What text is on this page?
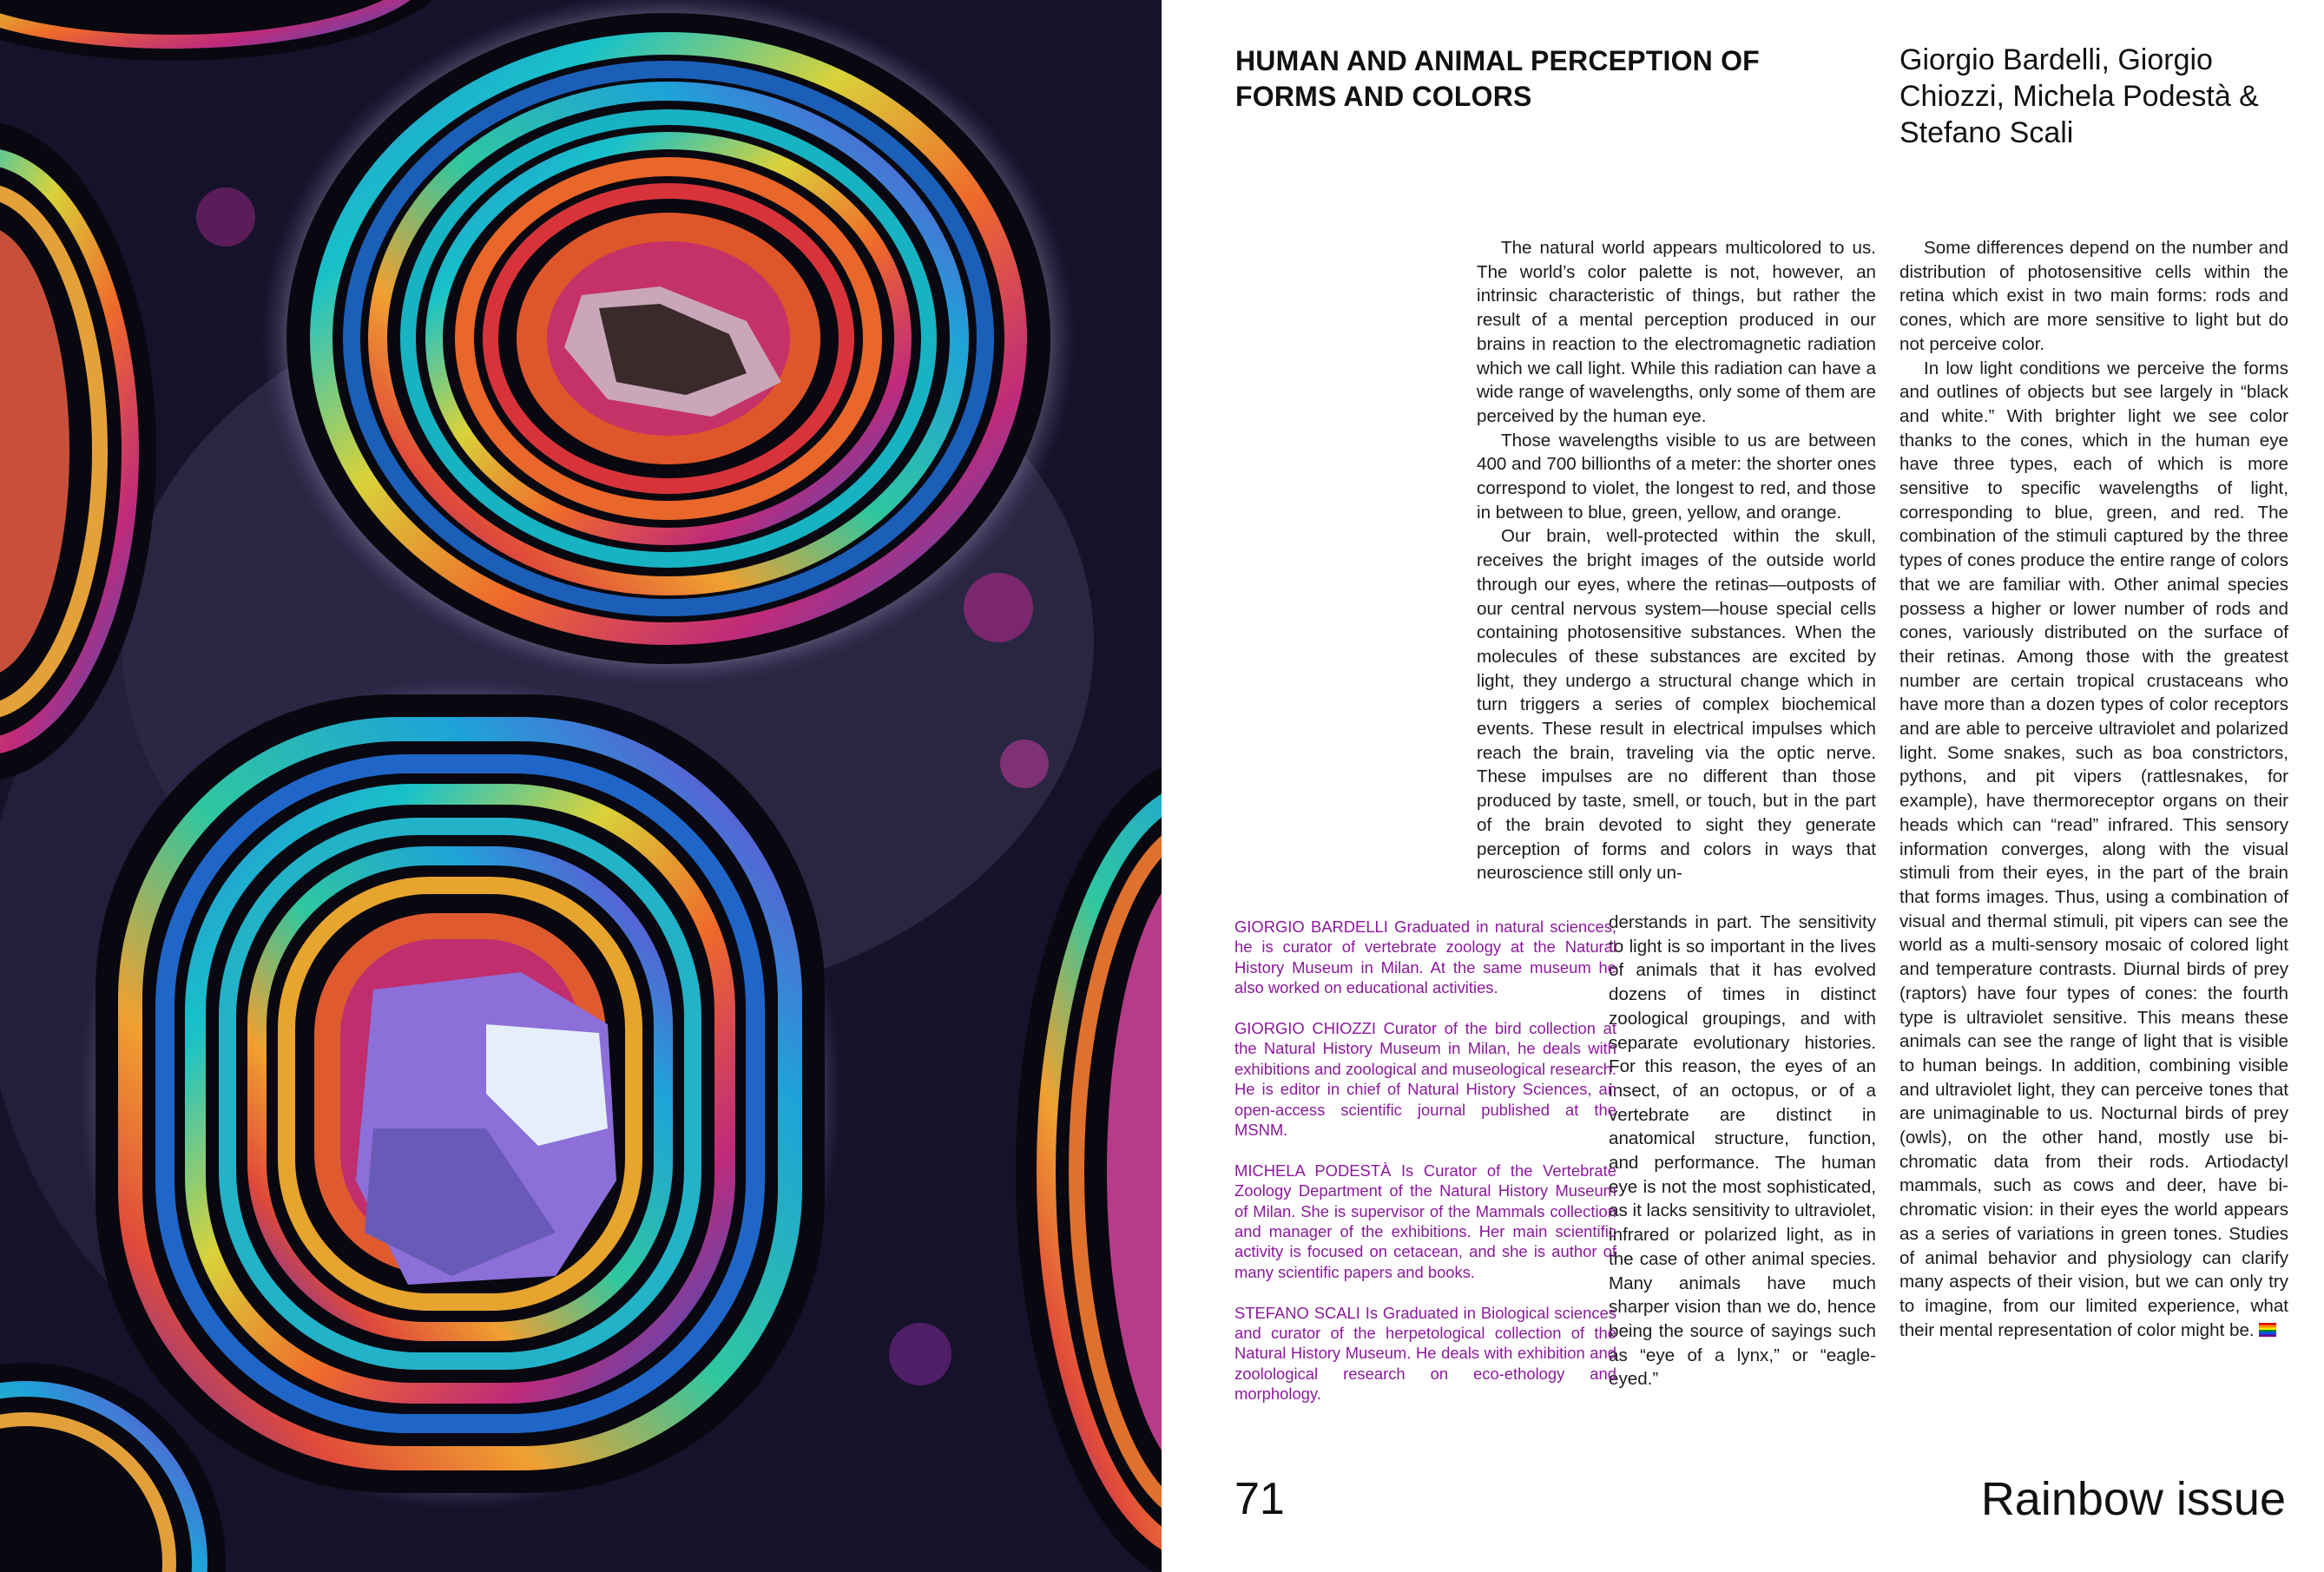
HUMAN AND ANIMAL PERCEPTION OF FORMS AND COLORS
Giorgio Bardelli, Giorgio Chiozzi, Michela Podestà & Stefano Scali

The natural world appears multicolored to us. The world’s color palette is not, however, an intrinsic characteristic of things, but rather the result of a mental perception produced in our brains in reaction to the electromagnetic radiation which we call light. While this radiation can have a wide range of wavelengths, only some of them are perceived by the human eye.

Those wavelengths visible to us are between 400 and 700 billionths of a meter: the shorter ones correspond to violet, the longest to red, and those in between to blue, green, yellow, and orange.

Our brain, well-protected within the skull, receives the bright images of the outside world through our eyes, where the retinas—outposts of our central nervous system—house special cells containing photosensitive substances. When the molecules of these substances are excited by light, they undergo a structural change which in turn triggers a series of complex biochemical events. These result in electrical impulses which reach the brain, traveling via the optic nerve. These impulses are no different than those produced by taste, smell, or touch, but in the part of the brain devoted to sight they generate perception of forms and colors in ways that neuroscience still only un-

derstands in part. The sensitivity to light is so important in the lives of animals that it has evolved dozens of times in distinct zoological groupings, and with separate evolutionary histories. For this reason, the eyes of an insect, of an octopus, or of a vertebrate are distinct in anatomical structure, function, and performance. The human eye is not the most sophisticated, as it lacks sensitivity to ultraviolet, infrared or polarized light, as in the case of other animal species. Many animals have much sharper vision than we do, hence being the source of sayings such as “eye of a lynx,” or “eagle-eyed.”

Some differences depend on the number and distribution of photosensitive cells within the retina which exist in two main forms: rods and cones, which are more sensitive to light but do not perceive color.

In low light conditions we perceive the forms and outlines of objects but see largely in “black and white.” With brighter light we see color thanks to the cones, which in the human eye have three types, each of which is more sensitive to specific wavelengths of light, corresponding to blue, green, and red. The combination of the stimuli captured by the three types of cones produce the entire range of colors that we are familiar with. Other animal species possess a higher or lower number of rods and cones, variously distributed on the surface of their retinas. Among those with the greatest number are certain tropical crustaceans who have more than a dozen types of color receptors and are able to perceive ultraviolet and polarized light. Some snakes, such as boa constrictors, pythons, and pit vipers (rattlesnakes, for example), have thermoreceptor organs on their heads which can “read” infrared. This sensory information converges, along with the visual stimuli from their eyes, in the part of the brain that forms images. Thus, using a combination of visual and thermal stimuli, pit vipers can see the world as a multi-sensory mosaic of colored light and temperature contrasts. Diurnal birds of prey (raptors) have four types of cones: the fourth type is ultraviolet sensitive. This means these animals can see the range of light that is visible to human beings. In addition, combining visible and ultraviolet light, they can perceive tones that are unimaginable to us. Nocturnal birds of prey (owls), on the other hand, mostly use bi-chromatic data from their rods. Artiodactyl mammals, such as cows and deer, have bi-chromatic vision: in their eyes the world appears as a series of variations in green tones. Studies of animal behavior and physiology can clarify many aspects of their vision, but we can only try to imagine, from our limited experience, what their mental representation of color might be.

GIORGIO BARDELLI Graduated in natural sciences, he is curator of vertebrate zoology at the Natural History Museum in Milan. At the same museum he also worked on educational activities.

GIORGIO CHIOZZI Curator of the bird collection at the Natural History Museum in Milan, he deals with exhibitions and zoological and museological research. He is editor in chief of Natural History Sciences, an open-access scientific journal published at the MSNM.

MICHELA PODESTÀ Is Curator of the Vertebrate Zoology Department of the Natural History Museum of Milan. She is supervisor of the Mammals collection and manager of the exhibitions. Her main scientific activity is focused on cetacean, and she is author of many scientific papers and books.

STEFANO SCALI Is Graduated in Biological sciences and curator of the herpetological collection of the Natural History Museum. He deals with exhibition and zoolological research on eco-ethology and morphology.

71	Rainbow issue
